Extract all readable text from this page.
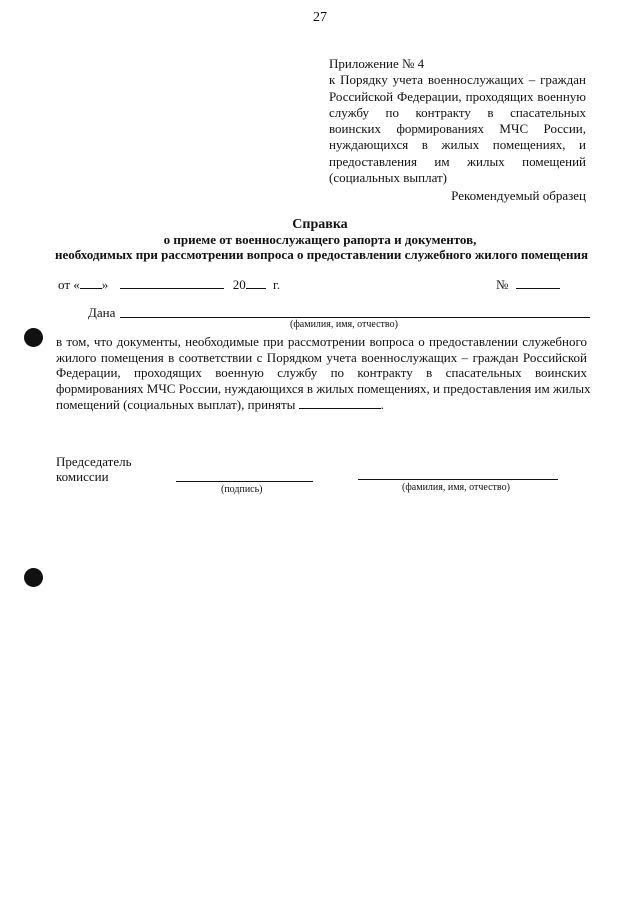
27
Приложение № 4
к Порядку учета военнослужащих – граждан
Российской Федерации, проходящих военную
службу по контракту в спасательных
воинских формированиях МЧС России,
нуждающихся в жилых помещениях, и
предоставления им жилых помещений
(социальных выплат)
Рекомендуемый образец
Справка
о приеме от военнослужащего рапорта и документов,
необходимых при рассмотрении вопроса о предоставлении служебного жилого помещения
от « »	20 г.	№
Дана
(фамилия, имя, отчество)
в том, что документы, необходимые при рассмотрении вопроса о предоставлении служебного
жилого помещения в соответствии с Порядком учета военнослужащих – граждан Российской
Федерации, проходящих военную службу по контракту в спасательных воинских
формированиях МЧС России, нуждающихся в жилых помещениях, и предоставления им жилых
помещений (социальных выплат), приняты	.
Председатель
комиссии
(подпись)	(фамилия, имя, отчество)
